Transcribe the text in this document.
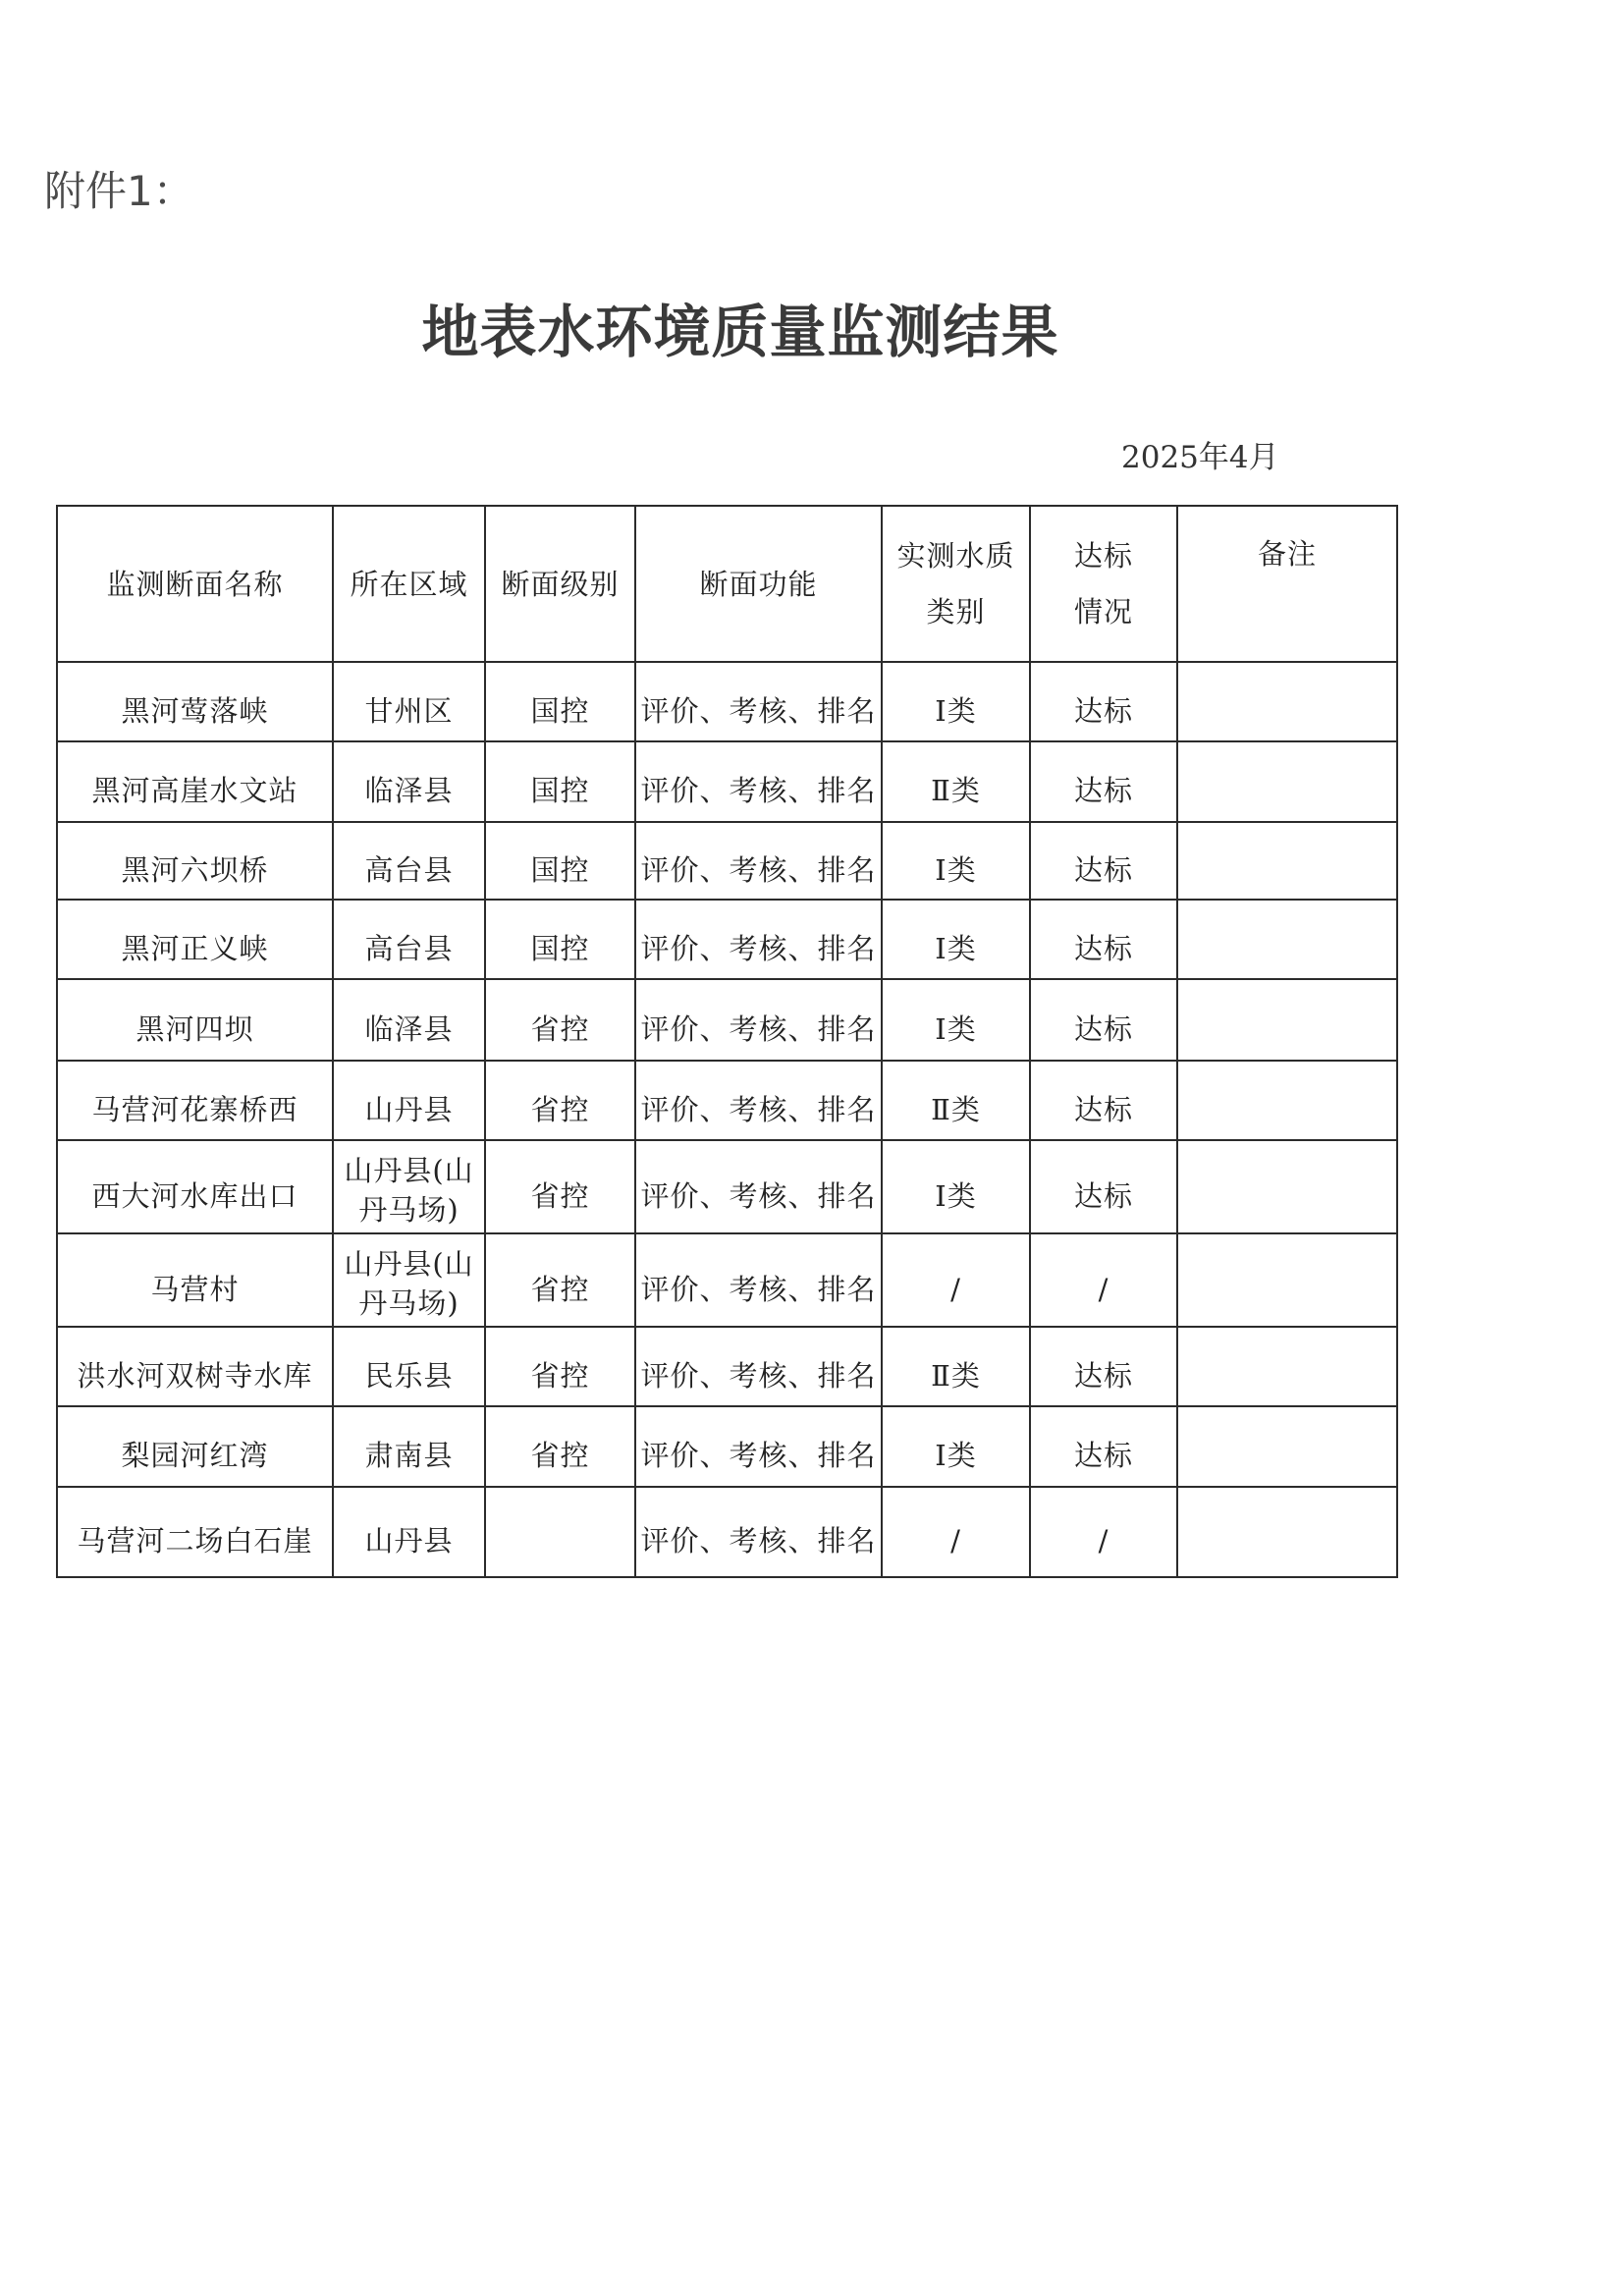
附件1：
地表水环境质量监测结果
2025年4月
监测断面名称	所在区域	断面级别	断面功能	实测水质类别	达标情况	备注
黑河莺落峡	甘州区	国控	评价、考核、排名	Ⅰ类	达标	
黑河高崖水文站	临泽县	国控	评价、考核、排名	Ⅱ类	达标	
黑河六坝桥	高台县	国控	评价、考核、排名	Ⅰ类	达标	
黑河正义峡	高台县	国控	评价、考核、排名	Ⅰ类	达标	
黑河四坝	临泽县	省控	评价、考核、排名	Ⅰ类	达标	
马营河花寨桥西	山丹县	省控	评价、考核、排名	Ⅱ类	达标	
西大河水库出口	山丹县(山丹马场)	省控	评价、考核、排名	Ⅰ类	达标	
马营村	山丹县(山丹马场)	省控	评价、考核、排名	/	/	
洪水河双树寺水库	民乐县	省控	评价、考核、排名	Ⅱ类	达标	
梨园河红湾	肃南县	省控	评价、考核、排名	Ⅰ类	达标	
马营河二场白石崖	山丹县		评价、考核、排名	/	/	
